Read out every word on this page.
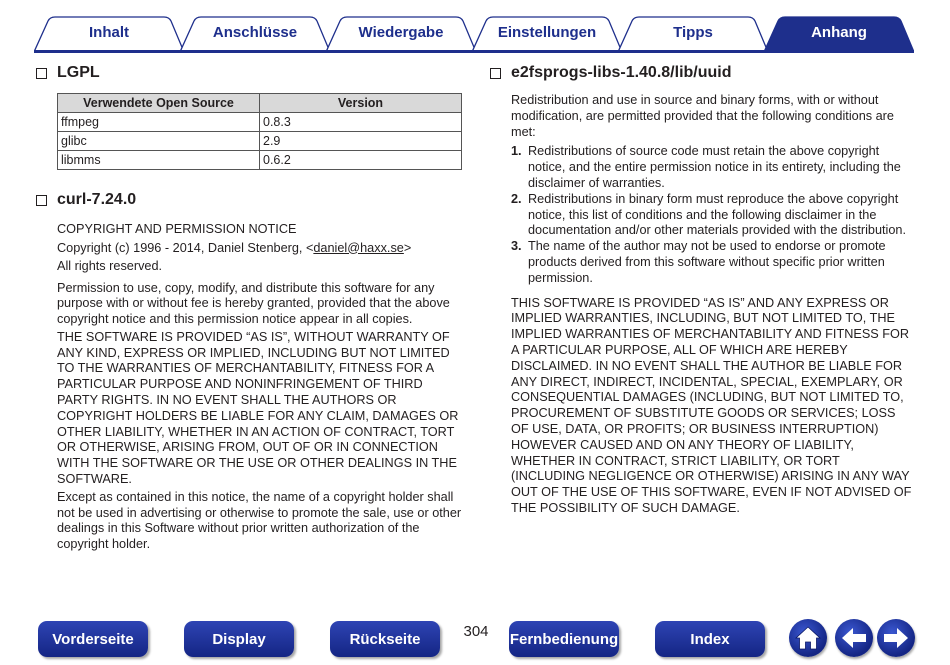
Inhalt	Anschlüsse	Wiedergabe	Einstellungen	Tipps	Anhang
LGPL
Verwendete Open Source	Version
ffmpeg	0.8.3
glibc	2.9
libmms	0.6.2
curl-7.24.0
COPYRIGHT AND PERMISSION NOTICE
Copyright (c) 1996 - 2014, Daniel Stenberg, <daniel@haxx.se>
All rights reserved.
Permission to use, copy, modify, and distribute this software for any purpose with or without fee is hereby granted, provided that the above copyright notice and this permission notice appear in all copies.
THE SOFTWARE IS PROVIDED “AS IS”, WITHOUT WARRANTY OF ANY KIND, EXPRESS OR IMPLIED, INCLUDING BUT NOT LIMITED TO THE WARRANTIES OF MERCHANTABILITY, FITNESS FOR A PARTICULAR PURPOSE AND NONINFRINGEMENT OF THIRD PARTY RIGHTS. IN NO EVENT SHALL THE AUTHORS OR COPYRIGHT HOLDERS BE LIABLE FOR ANY CLAIM, DAMAGES OR OTHER LIABILITY, WHETHER IN AN ACTION OF CONTRACT, TORT OR OTHERWISE, ARISING FROM, OUT OF OR IN CONNECTION WITH THE SOFTWARE OR THE USE OR OTHER DEALINGS IN THE SOFTWARE.
Except as contained in this notice, the name of a copyright holder shall not be used in advertising or otherwise to promote the sale, use or other dealings in this Software without prior written authorization of the copyright holder.
e2fsprogs-libs-1.40.8/lib/uuid
Redistribution and use in source and binary forms, with or without modification, are permitted provided that the following conditions are met:
1. Redistributions of source code must retain the above copyright notice, and the entire permission notice in its entirety, including the disclaimer of warranties.
2. Redistributions in binary form must reproduce the above copyright notice, this list of conditions and the following disclaimer in the documentation and/or other materials provided with the distribution.
3. The name of the author may not be used to endorse or promote products derived from this software without specific prior written permission.
THIS SOFTWARE IS PROVIDED “AS IS” AND ANY EXPRESS OR IMPLIED WARRANTIES, INCLUDING, BUT NOT LIMITED TO, THE IMPLIED WARRANTIES OF MERCHANTABILITY AND FITNESS FOR A PARTICULAR PURPOSE, ALL OF WHICH ARE HEREBY DISCLAIMED. IN NO EVENT SHALL THE AUTHOR BE LIABLE FOR ANY DIRECT, INDIRECT, INCIDENTAL, SPECIAL, EXEMPLARY, OR CONSEQUENTIAL DAMAGES (INCLUDING, BUT NOT LIMITED TO, PROCUREMENT OF SUBSTITUTE GOODS OR SERVICES; LOSS OF USE, DATA, OR PROFITS; OR BUSINESS INTERRUPTION) HOWEVER CAUSED AND ON ANY THEORY OF LIABILITY, WHETHER IN CONTRACT, STRICT LIABILITY, OR TORT (INCLUDING NEGLIGENCE OR OTHERWISE) ARISING IN ANY WAY OUT OF THE USE OF THIS SOFTWARE, EVEN IF NOT ADVISED OF THE POSSIBILITY OF SUCH DAMAGE.
Vorderseite	Display	Rückseite	304	Fernbedienung	Index
